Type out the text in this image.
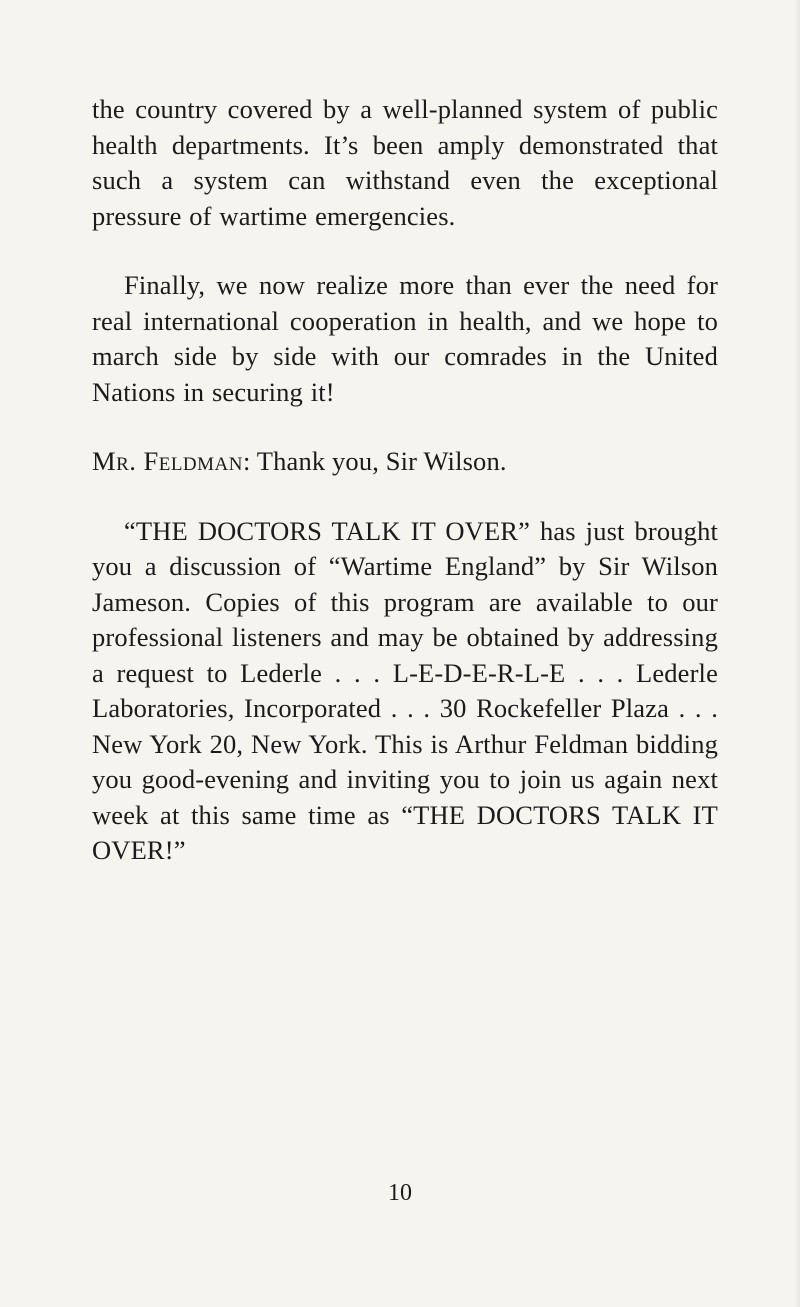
the country covered by a well-planned system of public health departments. It’s been amply demonstrated that such a system can withstand even the exceptional pressure of wartime emergencies.

Finally, we now realize more than ever the need for real international cooperation in health, and we hope to march side by side with our comrades in the United Nations in securing it!

Mr. Feldman: Thank you, Sir Wilson.

“THE DOCTORS TALK IT OVER” has just brought you a discussion of “Wartime England” by Sir Wilson Jameson. Copies of this program are available to our professional listeners and may be obtained by addressing a request to Lederle . . . L-E-D-E-R-L-E . . . Lederle Laboratories, Incorporated . . . 30 Rockefeller Plaza . . . New York 20, New York. This is Arthur Feldman bidding you good-evening and inviting you to join us again next week at this same time as “THE DOCTORS TALK IT OVER!”

10
